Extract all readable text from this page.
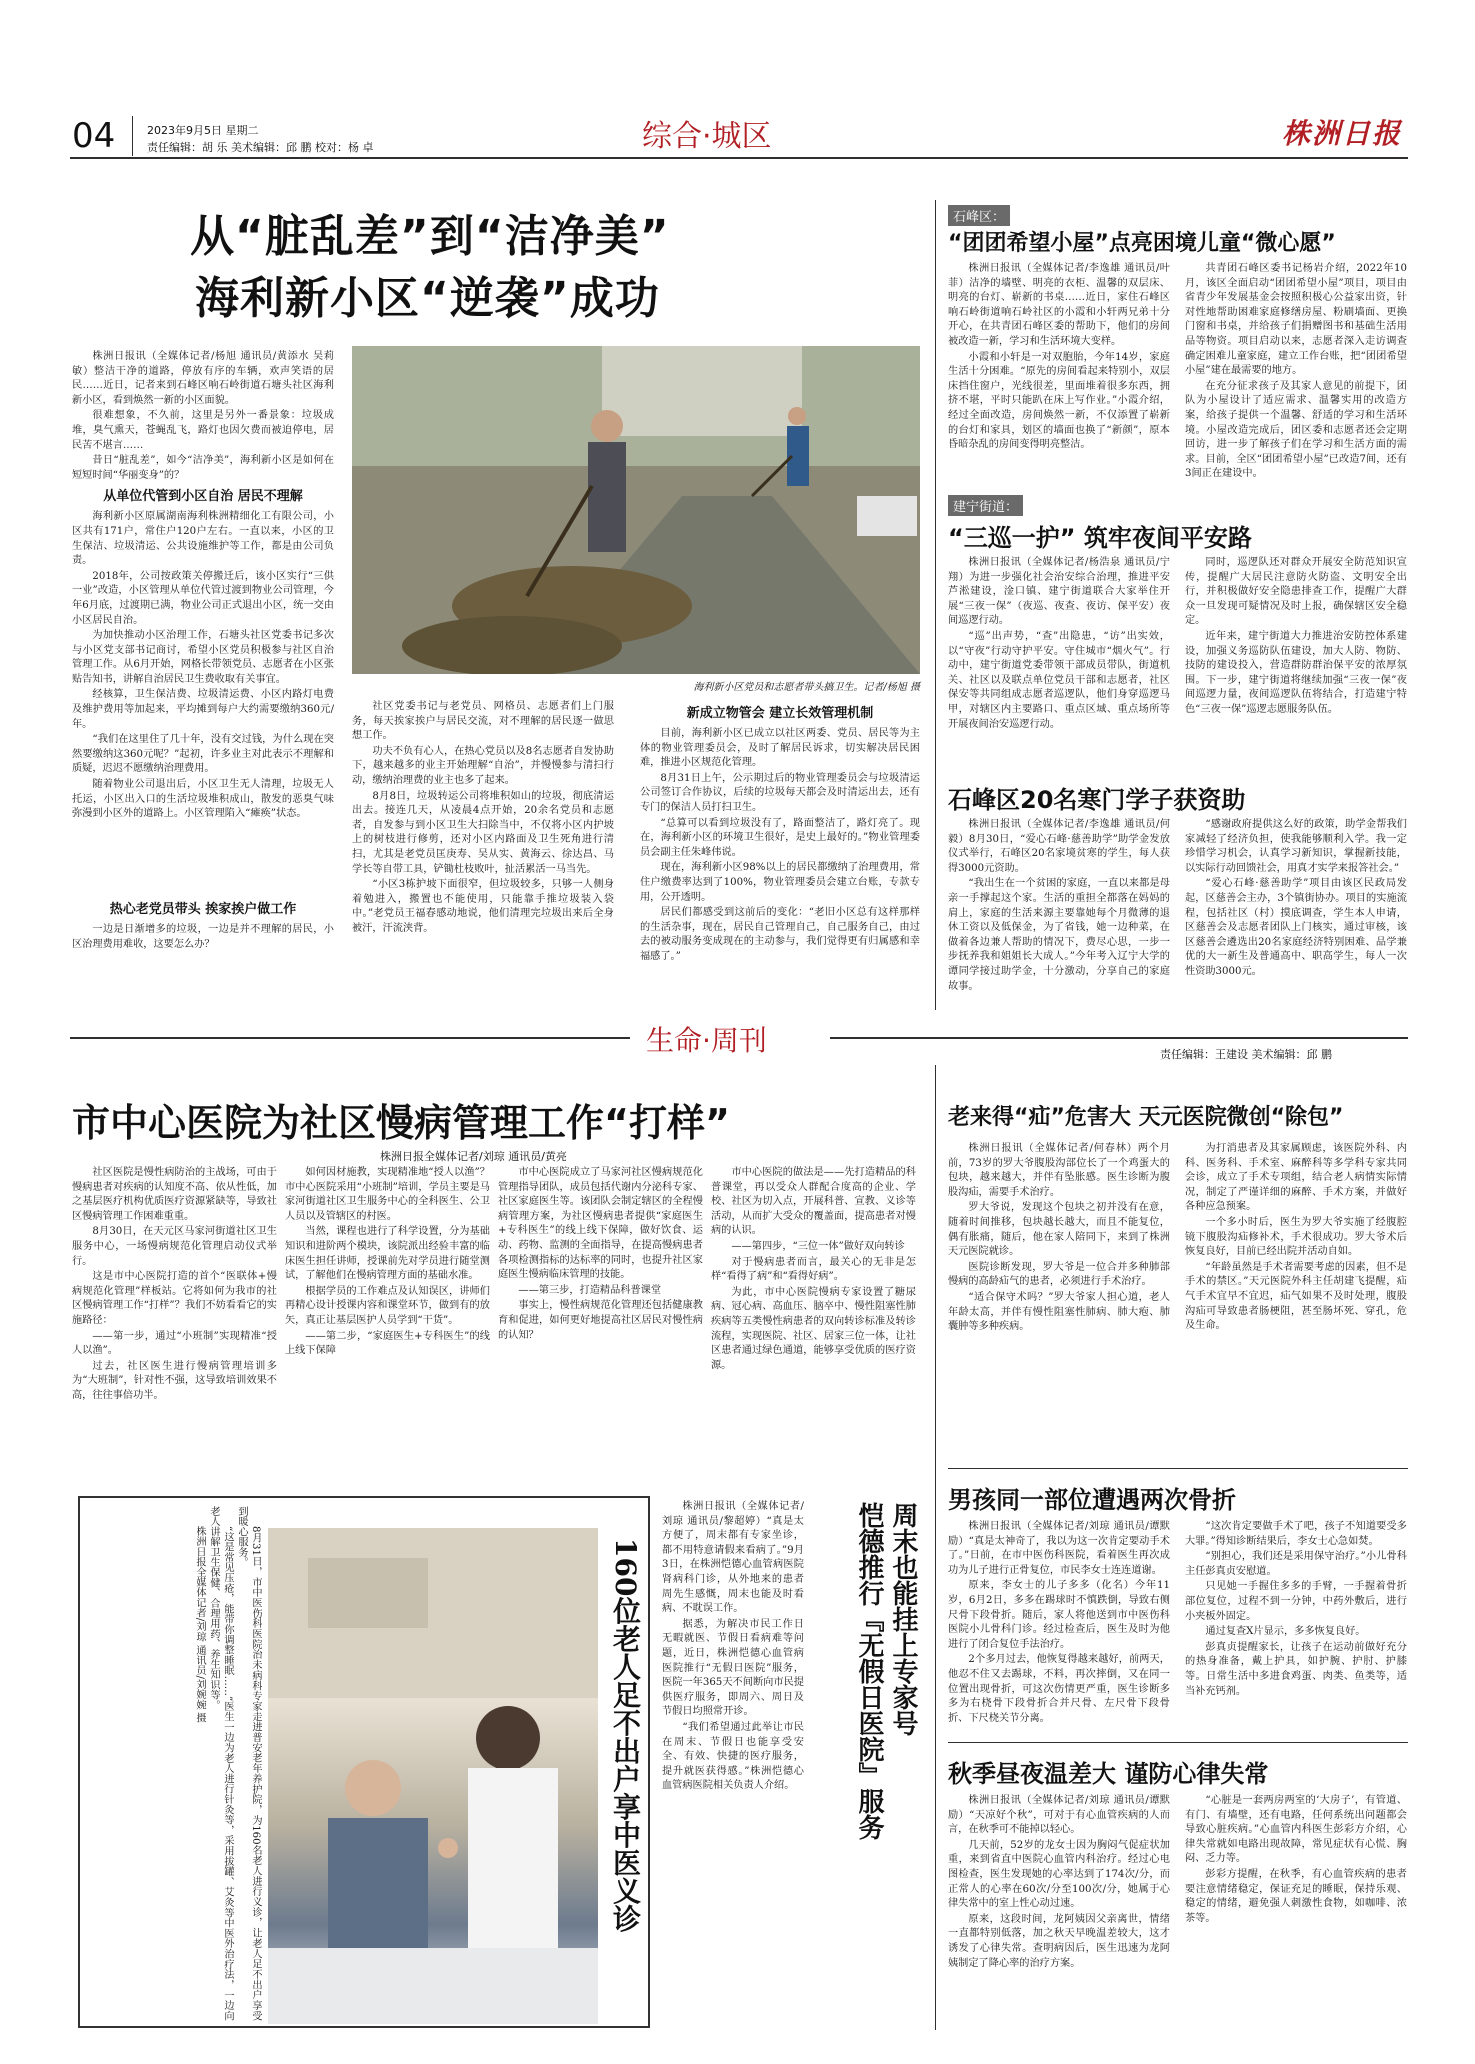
04	2023年9月5日 星期二
责任编辑：胡 乐 美术编辑：邱 鹏 校对：杨 卓	综合·城区	株洲日报
从“脏乱差”到“洁净美”
海利新小区“逆袭”成功

株洲日报讯（全媒体记者/杨旭 通讯员/黄添水 吴莉敏）整洁干净的道路，停放有序的车辆，欢声笑语的居民……近日，记者来到石峰区响石岭街道石塘头社区海利新小区，看到焕然一新的小区面貌。

很难想象，不久前，这里是另外一番景象：垃圾成堆，臭气熏天，苍蝇乱飞，路灯也因欠费而被迫停电，居民苦不堪言……

昔日“脏乱差”，如今“洁净美”，海利新小区是如何在短短时间“华丽变身”的？

从单位代管到小区自治 居民不理解

海利新小区原属湖南海利株洲精细化工有限公司，小区共有171户，常住户120户左右。一直以来，小区的卫生保洁、垃圾清运、公共设施维护等工作，都是由公司负责。

2018年，公司按政策关停搬迁后，该小区实行“三供一业”改造，小区管理从单位代管过渡到物业公司管理，今年6月底，过渡期已满，物业公司正式退出小区，统一交由小区居民自治。

为加快推动小区治理工作，石塘头社区党委书记多次与小区党支部书记商讨，希望小区党员积极参与社区自治管理工作。从6月开始，网格长带领党员、志愿者在小区张贴告知书，讲解自治居民卫生费收取有关事宜。

经核算，卫生保洁费、垃圾清运费、小区内路灯电费及维护费用等加起来，平均摊到每户大约需要缴纳360元/年。

“我们在这里住了几十年，没有交过钱，为什么现在突然要缴纳这360元呢？”起初，许多业主对此表示不理解和质疑，迟迟不愿缴纳治理费用。

随着物业公司退出后，小区卫生无人清理，垃圾无人托运，小区出入口的生活垃圾堆积成山，散发的恶臭气味弥漫到小区外的道路上。小区管理陷入“瘫痪”状态。

热心老党员带头 挨家挨户做工作

一边是日渐增多的垃圾，一边是并不理解的居民，小区治理费用难收，这要怎么办？

海利新小区党员和志愿者带头搞卫生。记者/杨旭 摄

社区党委书记与老党员、网格员、志愿者们上门服务，每天挨家挨户与居民交流，对不理解的居民逐一做思想工作。

功夫不负有心人，在热心党员以及8名志愿者自发协助下，越来越多的业主开始理解“自治”，并慢慢参与清扫行动，缴纳治理费的业主也多了起来。

8月8日，垃圾转运公司将堆积如山的垃圾，彻底清运出去。接连几天，从凌晨4点开始，20余名党员和志愿者，自发参与到小区卫生大扫除当中，不仅将小区内护坡上的树枝进行修剪，还对小区内路面及卫生死角进行清扫，尤其是老党员匡庚寿、吴从实、黄海云、徐达昌、马学长等自带工具，铲锄杜枝败叶，扯活累活一马当先。

“小区3栋护坡下面很窄，但垃圾较多，只够一人侧身着勉进入，搬置也不能使用，只能靠手推垃圾装入袋中。”老党员王福春感动地说，他们清理完垃圾出来后全身被汗，汗流浃背。

新成立物管会 建立长效管理机制

目前，海利新小区已成立以社区两委、党员、居民等为主体的物业管理委员会，及时了解居民诉求，切实解决居民困难，推进小区规范化管理。

8月31日上午，公示期过后的物业管理委员会与垃圾清运公司签订合作协议，后续的垃圾每天都会及时清运出去，还有专门的保洁人员打扫卫生。

“总算可以看到垃圾没有了，路面整洁了，路灯亮了。现在，海利新小区的环境卫生很好，是史上最好的。”物业管理委员会副主任朱峰伟说。

现在，海利新小区98%以上的居民都缴纳了治理费用，常住户缴费率达到了100%，物业管理委员会建立台账，专款专用，公开透明。

居民们都感受到这前后的变化：“老旧小区总有这样那样的生活杂事，现在，居民自己管理自己，自己服务自己，由过去的被动服务变成现在的主动参与，我们觉得更有归属感和幸福感了。”

石峰区：
“团团希望小屋”点亮困境儿童“微心愿”

株洲日报讯（全媒体记者/李逸雄 通讯员/叶菲）洁净的墙壁、明亮的衣柜、温馨的双层床、明亮的台灯、崭新的书桌……近日，家住石峰区响石岭街道响石岭社区的小霞和小轩两兄弟十分开心，在共青团石峰区委的帮助下，他们的房间被改造一新，学习和生活环境大变样。

小霞和小轩是一对双胞胎，今年14岁，家庭生活十分困难。“原先的房间看起来特别小，双层床挡住窗户，光线很差，里面堆着很多东西，拥挤不堪，平时只能趴在床上写作业。”小霞介绍，经过全面改造，房间焕然一新，不仅添置了崭新的台灯和家具，划区的墙面也换了“新颜”，原本昏暗杂乱的房间变得明亮整洁。

共青团石峰区委书记杨岩介绍，2022年10月，该区全面启动“团团希望小屋”项目，项目由省青少年发展基金会按照积极心公益家出资，针对性地帮助困难家庭修缮房屋、粉刷墙面、更换门窗和书桌，并给孩子们捐赠图书和基础生活用品等物资。项目启动以来，志愿者深入走访调查确定困难儿童家庭，建立工作台账，把“团团希望小屋”建在最需要的地方。

在充分征求孩子及其家人意见的前提下，团队为小屋设计了适应需求、温馨实用的改造方案，给孩子提供一个温馨、舒适的学习和生活环境。小屋改造完成后，团区委和志愿者还会定期回访，进一步了解孩子们在学习和生活方面的需求。目前，全区“团团希望小屋”已改造7间，还有3间正在建设中。

建宁街道：
“三巡一护” 筑牢夜间平安路

株洲日报讯（全媒体记者/杨浩泉 通讯员/宁翔）为进一步强化社会治安综合治理，推进平安芦淞建设，淦口镇、建宁街道联合大家举住开展“三夜一保”（夜巡、夜查、夜访、保平安）夜间巡逻行动。

“巡”出声势，“查”出隐患，“访”出实效，以“守夜”行动守护平安。守住城市“烟火气”。行动中，建宁街道党委带领干部成员带队，街道机关、社区以及联点单位党员干部和志愿者，社区保安等共同组成志愿者巡逻队，他们身穿巡逻马甲，对辖区内主要路口、重点区域、重点场所等开展夜间治安巡逻行动。

同时，巡逻队还对群众开展安全防范知识宣传，提醒广大居民注意防火防盗、文明安全出行，并积极做好安全隐患排查工作，提醒广大群众一旦发现可疑情况及时上报，确保辖区安全稳定。

近年来，建宁街道大力推进治安防控体系建设，加强义务巡防队伍建设，加大人防、物防、技防的建设投入，营造群防群治保平安的浓厚氛围。下一步，建宁街道将继续加强“三夜一保”夜间巡逻力量，夜间巡逻队伍将结合，打造建宁特色“三夜一保”巡逻志愿服务队伍。

石峰区20名寒门学子获资助

株洲日报讯（全媒体记者/李逸雄 通讯员/何毅）8月30日，“爱心石峰·慈善助学”助学金发放仪式举行，石峰区20名家境贫寒的学生，每人获得3000元资助。

“我出生在一个贫困的家庭，一直以来都是母亲一手撑起这个家。生活的重担全都落在妈妈的肩上，家庭的生活来源主要靠她每个月微薄的退休工资以及低保金，为了省钱，她一边种菜，在做着各边兼人帮助的情况下，费尽心思，一步一步抚养我和姐姐长大成人。”今年考入辽宁大学的谭同学接过助学金，十分激动，分享自己的家庭故事。

“感谢政府提供这么好的政策，助学金帮我们家减轻了经济负担，使我能够顺利入学。我一定珍惜学习机会，认真学习新知识，掌握新技能，以实际行动回馈社会，用真才实学来报答社会。”

“爱心石峰·慈善助学”项目由该区民政局发起，区慈善会主办，3个镇街协办。项目的实施流程，包括社区（村）摸底调查，学生本人申请，区慈善会及志愿者团队上门核实，通过审核，该区慈善会遴选出20名家庭经济特别困难、品学兼优的大一新生及普通高中、职高学生，每人一次性资助3000元。

生命·周刊	责任编辑：王建设 美术编辑：邱 鹏
市中心医院为社区慢病管理工作“打样”
株洲日报全媒体记者/刘琼 通讯员/黄亮

社区医院是慢性病防治的主战场，可由于慢病患者对疾病的认知度不高、依从性低，加之基层医疗机构优质医疗资源紧缺等，导致社区慢病管理工作困难重重。

8月30日，在天元区马家河街道社区卫生服务中心，一场慢病规范化管理启动仪式举行。

这是市中心医院打造的首个“医联体+慢病规范化管理”样板站。它将如何为我市的社区慢病管理工作“打样”？我们不妨看看它的实施路径：

——第一步，通过“小班制”实现精准“授人以渔”。

过去，社区医生进行慢病管理培训多为“大班制”，针对性不强，这导致培训效果不高，往往事倍功半。

如何因材施教，实现精准地“授人以渔”？市中心医院采用“小班制”培训，学员主要是马家河街道社区卫生服务中心的全科医生、公卫人员以及管辖区的村医。

当然，课程也进行了科学设置，分为基础知识和进阶两个模块，该院派出经验丰富的临床医生担任讲师，授课前先对学员进行随堂测试，了解他们在慢病管理方面的基础水准。

根据学员的工作难点及认知误区，讲师们再精心设计授课内容和课堂环节，做到有的放矢，真正让基层医护人员学到“干货”。

——第二步，“家庭医生+专科医生”的线上线下保障

市中心医院成立了马家河社区慢病规范化管理指导团队，成员包括代谢内分泌科专家、社区家庭医生等。该团队会制定辖区的全程慢病管理方案，为社区慢病患者提供“家庭医生+专科医生”的线上线下保障，做好饮食、运动、药物、监测的全面指导，在提高慢病患者各项检测指标的达标率的同时，也提升社区家庭医生慢病临床管理的技能。

——第三步，打造精品科普课堂

事实上，慢性病规范化管理还包括健康教育和促进，如何更好地提高社区居民对慢性病的认知？

市中心医院的做法是——先打造精品的科普课堂，再以受众人群配合度高的企业、学校、社区为切入点，开展科普、宣教、义诊等活动，从而扩大受众的覆盖面，提高患者对慢病的认识。

——第四步，“三位一体”做好双向转诊

对于慢病患者而言，最关心的无非是怎样“看得了病”和“看得好病”。

为此，市中心医院慢病专家设置了糖尿病、冠心病、高血压、脑卒中、慢性阻塞性肺疾病等五类慢性病患者的双向转诊标准及转诊流程，实现医院、社区、居家三位一体，让社区患者通过绿色通道，能够享受优质的医疗资源。

160位老人足不出户享中医义诊

8月31日，市中医伤科医院治未病科专家走进普安老年养护院，为160名老人进行义诊，让老人足不出户享受到暖心服务。

“这是常见压疮，能带你调整睡眠……”医生一边为老人进行针灸等，采用拔罐、艾灸等中医外治疗法，一边向老人讲解卫生保健、合理用药、养生知识等。

株洲日报全媒体记者/刘琼 通讯员/刘婉婉 摄	周末也能挂上专家号
恺德推行『无假日医院』服务

株洲日报讯（全媒体记者/刘琼 通讯员/黎超婷）“真是太方便了，周末都有专家坐诊，都不用特意请假来看病了。”9月3日，在株洲恺德心血管病医院肾病科门诊，从外地来的患者周先生感慨，周末也能及时看病、不耽误工作。

据悉，为解决市民工作日无暇就医、节假日看病难等问题，近日，株洲恺德心血管病医院推行“无假日医院”服务，医院一年365天不间断向市民提供医疗服务，即周六、周日及节假日均照常开诊。

“我们希望通过此举让市民在周末、节假日也能享受安全、有效、快捷的医疗服务，提升就医获得感。”株洲恺德心血管病医院相关负责人介绍。

老来得“疝”危害大 天元医院微创“除包”

株洲日报讯（全媒体记者/何春林）两个月前，73岁的罗大爷腹股沟部位长了一个鸡蛋大的包块，越来越大，并伴有坠胀感。医生诊断为腹股沟疝，需要手术治疗。

罗大爷说，发现这个包块之初并没有在意，随着时间推移，包块越长越大，而且不能复位，偶有胀痛，随后，他在家人陪同下，来到了株洲天元医院就诊。

医院诊断发现，罗大爷是一位合并多种肺部慢病的高龄疝气的患者，必须进行手术治疗。

“适合保守术吗？”罗大爷家人担心道，老人年龄太高，并伴有慢性阻塞性肺病、肺大疱、肺囊肿等多种疾病。

为打消患者及其家属顾虑，该医院外科、内科、医务科、手术室、麻醉科等多学科专家共同会诊，成立了手术专项组，结合老人病情实际情况，制定了严谨详细的麻醉、手术方案，并做好各种应急预案。

一个多小时后，医生为罗大爷实施了经腹腔镜下腹股沟疝修补术，手术很成功。罗大爷术后恢复良好，目前已经出院并活动自如。

“年龄虽然是手术者需要考虑的因素，但不是手术的禁区。”天元医院外科主任胡建飞提醒，疝气手术宜早不宜迟，疝气如果不及时处理，腹股沟疝可导致患者肠梗阻，甚至肠坏死、穿孔，危及生命。

男孩同一部位遭遇两次骨折

株洲日报讯（全媒体记者/刘琼 通讯员/谭默励）“真是太神奇了，我以为这一次肯定要动手术了。”日前，在市中医伤科医院，看着医生再次成功为儿子进行正骨复位，市民李女士连连道谢。

原来，李女士的儿子多多（化名）今年11岁，6月2日，多多在踢球时不慎跌倒，导致右侧尺骨下段骨折。随后，家人将他送到市中医伤科医院小儿骨科门诊。经过检查后，医生及时为他进行了闭合复位手法治疗。

2个多月过去，他恢复得越来越好，前两天，他忍不住又去踢球，不料，再次摔倒，又在同一位置出现骨折，可这次伤情更严重，医生诊断多多为右桡骨下段骨折合并尺骨、左尺骨下段骨折、下尺桡关节分离。

“这次肯定要做手术了吧，孩子不知道要受多大罪。”得知诊断结果后，李女士心急如焚。

“别担心，我们还是采用保守治疗。”小儿骨科主任彭真贞安慰道。

只见她一手握住多多的手臂，一手握着骨折部位复位，过程不到一分钟，中药外敷后，进行小夹板外固定。

通过复查X片显示，多多恢复良好。

彭真贞提醒家长，让孩子在运动前做好充分的热身准备，戴上护具，如护腕、护肘、护膝等。日常生活中多进食鸡蛋、肉类、鱼类等，适当补充钙剂。

秋季昼夜温差大 谨防心律失常

株洲日报讯（全媒体记者/刘琼 通讯员/谭默励）“天凉好个秋”，可对于有心血管疾病的人而言，在秋季可不能掉以轻心。

几天前，52岁的龙女士因为胸闷气促症状加重，来到省直中医院心血管内科治疗。经过心电图检查，医生发现她的心率达到了174次/分，而正常人的心率在60次/分至100次/分，她属于心律失常中的室上性心动过速。

原来，这段时间，龙阿姨因父亲离世，情绪一直都特别低落，加之秋天早晚温差较大，这才诱发了心律失常。查明病因后，医生迅速为龙阿姨制定了降心率的治疗方案。

“心脏是一套两房两室的‘大房子’，有管道、有门、有墙壁，还有电路，任何系统出问题都会导致心脏疾病。”心血管内科医生彭彩方介绍，心律失常就如电路出现故障，常见症状有心慌、胸闷、乏力等。

彭彩方提醒，在秋季，有心血管疾病的患者要注意情绪稳定，保证充足的睡眠，保持乐观、稳定的情绪，避免强人刺激性食物，如咖啡、浓茶等。
